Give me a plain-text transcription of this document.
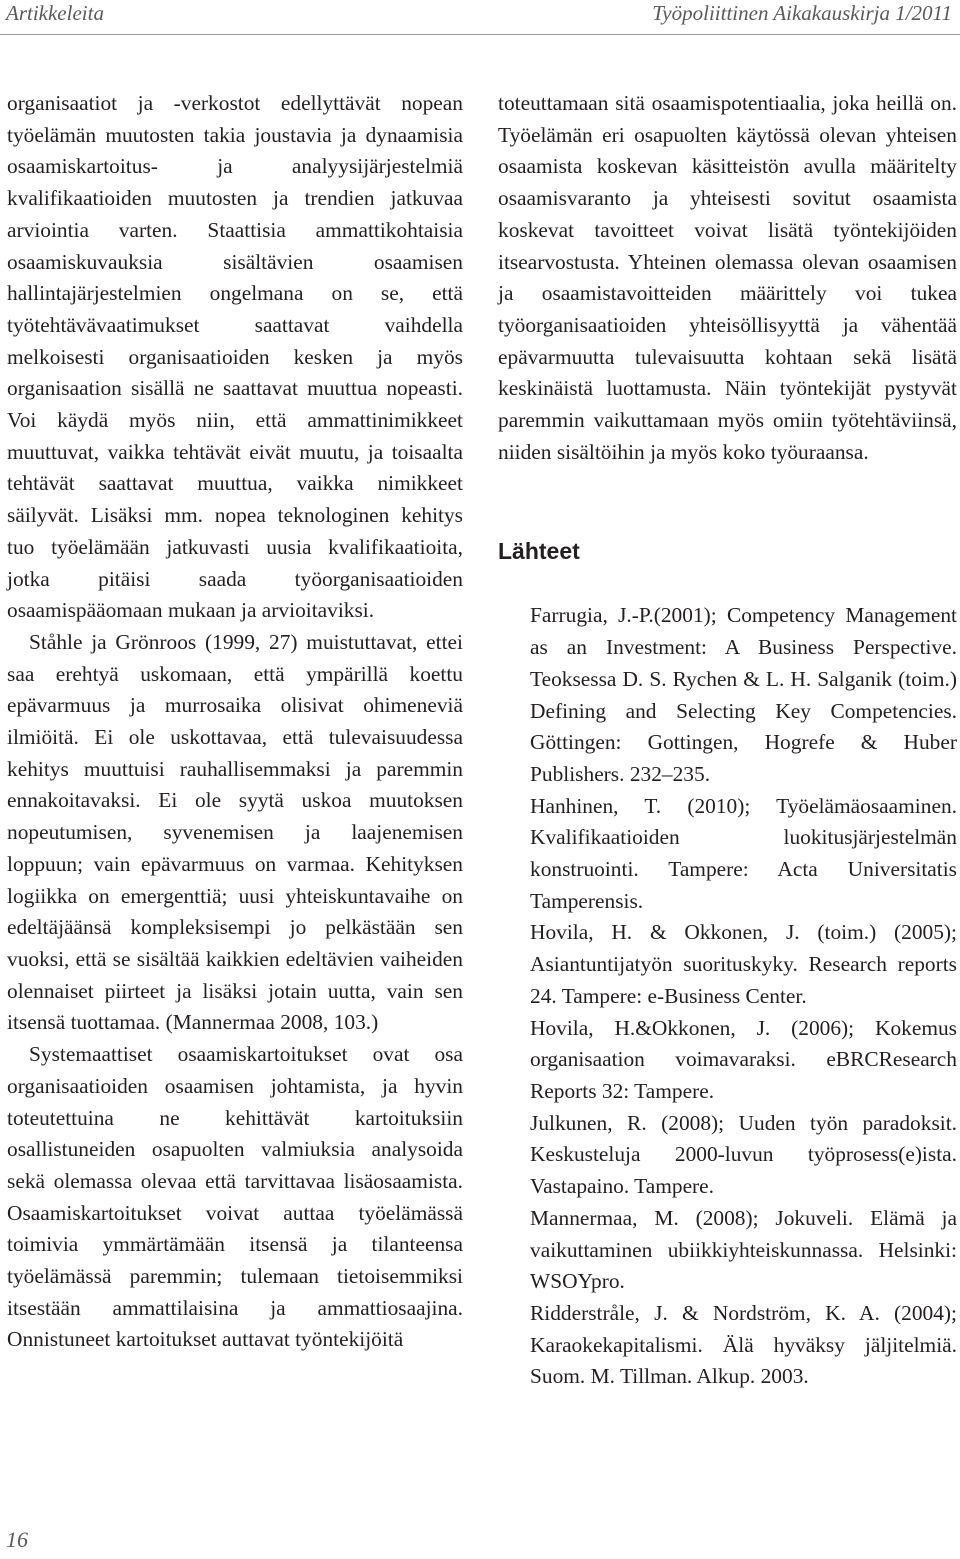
Artikkeleita	Työpoliittinen Aikakauskirja 1/2011

organisaatiot ja -verkostot edellyttävät nopean työelämän muutosten takia joustavia ja dynaamisia osaamiskartoitus- ja analyysijärjestelmiä kvalifikaatioiden muutosten ja trendien jatkuvaa arviointia varten. Staattisia ammattikohtaisia osaamiskuvauksia sisältävien osaamisen hallintajärjestelmien ongelmana on se, että työtehtävävaatimukset saattavat vaihdella melkoisesti organisaatioiden kesken ja myös organisaation sisällä ne saattavat muuttua nopeasti. Voi käydä myös niin, että ammattinimikkeet muuttuvat, vaikka tehtävät eivät muutu, ja toisaalta tehtävät saattavat muuttua, vaikka nimikkeet säilyvät. Lisäksi mm. nopea teknologinen kehitys tuo työelämään jatkuvasti uusia kvalifikaatioita, jotka pitäisi saada työorganisaatioiden osaamispääomaan mukaan ja arvioitaviksi.

Ståhle ja Grönroos (1999, 27) muistuttavat, ettei saa erehtyä uskomaan, että ympärillä koettu epävarmuus ja murrosaika olisivat ohimeneviä ilmiöitä. Ei ole uskottavaa, että tulevaisuudessa kehitys muuttuisi rauhallisemmaksi ja paremmin ennakoitavaksi. Ei ole syytä uskoa muutoksen nopeutumisen, syvenemisen ja laajenemisen loppuun; vain epävarmuus on varmaa. Kehityksen logiikka on emergenttiä; uusi yhteiskuntavaihe on edeltäjäänsä kompleksisempi jo pelkästään sen vuoksi, että se sisältää kaikkien edeltävien vaiheiden olennaiset piirteet ja lisäksi jotain uutta, vain sen itsensä tuottamaa. (Mannermaa 2008, 103.)

Systemaattiset osaamiskartoitukset ovat osa organisaatioiden osaamisen johtamista, ja hyvin toteutettuina ne kehittävät kartoituksiin osallistuneiden osapuolten valmiuksia analysoida sekä olemassa olevaa että tarvittavaa lisäosaamista. Osaamiskartoitukset voivat auttaa työelämässä toimivia ymmärtämään itsensä ja tilanteensa työelämässä paremmin; tulemaan tietoisemmiksi itsestään ammattilaisina ja ammattiosaajina. Onnistuneet kartoitukset auttavat työntekijöitä

toteuttamaan sitä osaamispotentiaalia, joka heillä on. Työelämän eri osapuolten käytössä olevan yhteisen osaamista koskevan käsitteistön avulla määritelty osaamisvaranto ja yhteisesti sovitut osaamista koskevat tavoitteet voivat lisätä työntekijöiden itsearvostusta. Yhteinen olemassa olevan osaamisen ja osaamistavoitteiden määrittely voi tukea työorganisaatioiden yhteisöllisyyttä ja vähentää epävarmuutta tulevaisuutta kohtaan sekä lisätä keskinäistä luottamusta. Näin työntekijät pystyvät paremmin vaikuttamaan myös omiin työtehtäviinsä, niiden sisältöihin ja myös koko työuraansa.

Lähteet

Farrugia, J.-P.(2001); Competency Management as an Investment: A Business Perspective. Teoksessa D. S. Rychen & L. H. Salganik (toim.) Defining and Selecting Key Competencies. Göttingen: Gottingen, Hogrefe & Huber Publishers. 232–235.

Hanhinen, T. (2010); Työelämäosaaminen. Kvalifikaatioiden luokitusjärjestelmän konstruointi. Tampere: Acta Universitatis Tamperensis.

Hovila, H. & Okkonen, J. (toim.) (2005); Asiantuntijatyön suorituskyky. Research reports 24. Tampere: e-Business Center.

Hovila, H.&Okkonen, J. (2006); Kokemus organisaation voimavaraksi. eBRCResearch Reports 32: Tampere.

Julkunen, R. (2008); Uuden työn paradoksit. Keskusteluja 2000-luvun työprosess(e)ista. Vastapaino. Tampere.

Mannermaa, M. (2008); Jokuveli. Elämä ja vaikuttaminen ubiikkiyhteiskunnassa. Helsinki: WSOYpro.

Ridderstråle, J. & Nordström, K. A. (2004); Karaokekapitalismi. Älä hyväksy jäljitelmiä. Suom. M. Tillman. Alkup. 2003.

16
